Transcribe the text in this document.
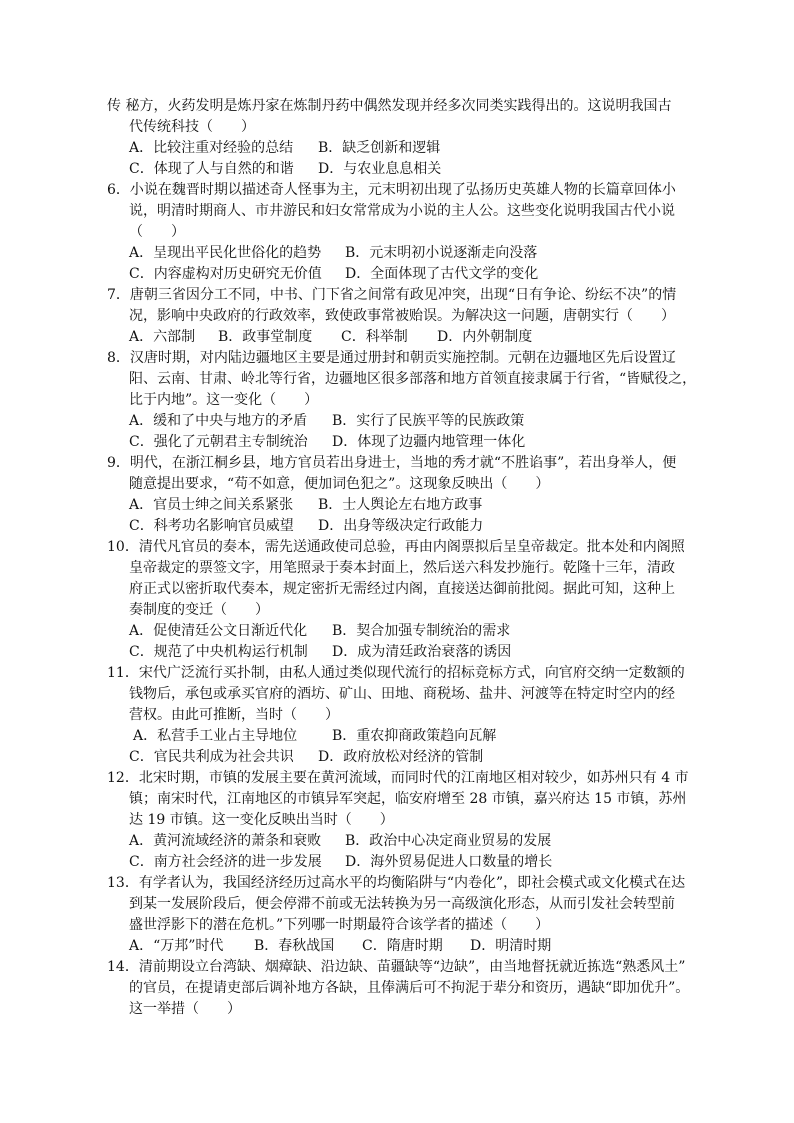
传 秘方，火药发明是炼丹家在炼制丹药中偶然发现并经多次同类实践得出的。这说明我国古
代传统科技（　　）
A．比较注重对经验的总结 B．缺乏创新和逻辑
C．体现了人与自然的和谐 D．与农业息息相关
6．小说在魏晋时期以描述奇人怪事为主，元末明初出现了弘扬历史英雄人物的长篇章回体小
说，明清时期商人、市井游民和妇女常常成为小说的主人公。这些变化说明我国古代小说
（　　）
A．呈现出平民化世俗化的趋势 B．元末明初小说逐渐走向没落
C．内容虚构对历史研究无价值 D．全面体现了古代文学的变化
7．唐朝三省因分工不同，中书、门下省之间常有政见冲突，出现“日有争论、纷纭不决”的情
况，影响中央政府的行政效率，致使政事常被贻误。为解决这一问题，唐朝实行（　　）
A．六部制 B．政事堂制度 C．科举制 D．内外朝制度
8．汉唐时期，对内陆边疆地区主要是通过册封和朝贡实施控制。元朝在边疆地区先后设置辽
阳、云南、甘肃、岭北等行省，边疆地区很多部落和地方首领直接隶属于行省，“皆赋役之，
比于内地”。这一变化（　　）
A．缓和了中央与地方的矛盾 B．实行了民族平等的民族政策
C．强化了元朝君主专制统治 D．体现了边疆内地管理一体化
9．明代，在浙江桐乡县，地方官员若出身进士，当地的秀才就“不胜谄事”，若出身举人，便
随意提出要求，“苟不如意，便加词色犯之”。这现象反映出（　　）
A．官员士绅之间关系紧张 B．士人舆论左右地方政事
C．科考功名影响官员威望 D．出身等级决定行政能力
10．清代凡官员的奏本，需先送通政使司总验，再由内阁票拟后呈皇帝裁定。批本处和内阁照
皇帝裁定的票签文字，用笔照录于奏本封面上，然后送六科发抄施行。乾隆十三年，清政
府正式以密折取代奏本，规定密折无需经过内阁，直接送达御前批阅。据此可知，这种上
奏制度的变迁（　　）
A．促使清廷公文日渐近代化 B．契合加强专制统治的需求
C．规范了中央机构运行机制 D．成为清廷政治衰落的诱因
11．宋代广泛流行买扑制，由私人通过类似现代流行的招标竞标方式，向官府交纳一定数额的
钱物后，承包或承买官府的酒坊、矿山、田地、商税场、盐井、河渡等在特定时空内的经
营权。由此可推断，当时（　　）
A．私营手工业占主导地位 B．重农抑商政策趋向瓦解
C．官民共利成为社会共识 D．政府放松对经济的管制
12．北宋时期，市镇的发展主要在黄河流域，而同时代的江南地区相对较少，如苏州只有 4 市
镇；南宋时代，江南地区的市镇异军突起，临安府增至 28 市镇，嘉兴府达 15 市镇，苏州
达 19 市镇。这一变化反映出当时（　　）
A．黄河流域经济的萧条和衰败 B．政治中心决定商业贸易的发展
C．南方社会经济的进一步发展 D．海外贸易促进人口数量的增长
13．有学者认为，我国经济经历过高水平的均衡陷阱与“内卷化”，即社会模式或文化模式在达
到某一发展阶段后，便会停滞不前或无法转换为另一高级演化形态，从而引发社会转型前
盛世浮影下的潜在危机。”下列哪一时期最符合该学者的描述（　　）
A．“万邦”时代 B．春秋战国 C．隋唐时期 D．明清时期
14．清前期设立台湾缺、烟瘴缺、沿边缺、苗疆缺等“边缺”，由当地督抚就近拣选“熟悉风土”
的官员，在提请吏部后调补地方各缺，且俸满后可不拘泥于辈分和资历，遇缺“即加优升”。
这一举措（　　）
